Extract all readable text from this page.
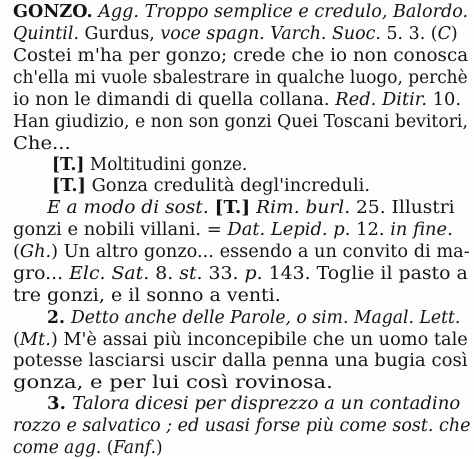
GONZO. Agg. Troppo semplice e credulo, Balordo.
Quintil. Gurdus, voce spagn. Varch. Suoc. 5. 3. (C)
Costei m'ha per gonzo; crede che io non conosca
ch'ella mi vuole sbalestrare in qualche luogo, perchè
io non le dimandi di quella collana. Red. Ditir. 10.
Han giudizio, e non son gonzi Quei Toscani bevitori,
Che...
[T.] Moltitudini gonze.
[T.] Gonza credulità degl'increduli.
E a modo di sost. [T.] Rim. burl. 25. Illustri
gonzi e nobili villani. = Dat. Lepid. p. 12. in fine.
(Gh.) Un altro gonzo... essendo a un convito di ma-
gro... Elc. Sat. 8. st. 33. p. 143. Toglie il pasto a
tre gonzi, e il sonno a venti.
2. Detto anche delle Parole, o sim. Magal. Lett.
(Mt.) M'è assai più inconcepibile che un uomo tale
potesse lasciarsi uscir dalla penna una bugia così
gonza, e per lui così rovinosa.
3. Talora dicesi per disprezzo a un contadino
rozzo e salvatico ; ed usasi forse più come sost. che
come agg. (Fanf.)
